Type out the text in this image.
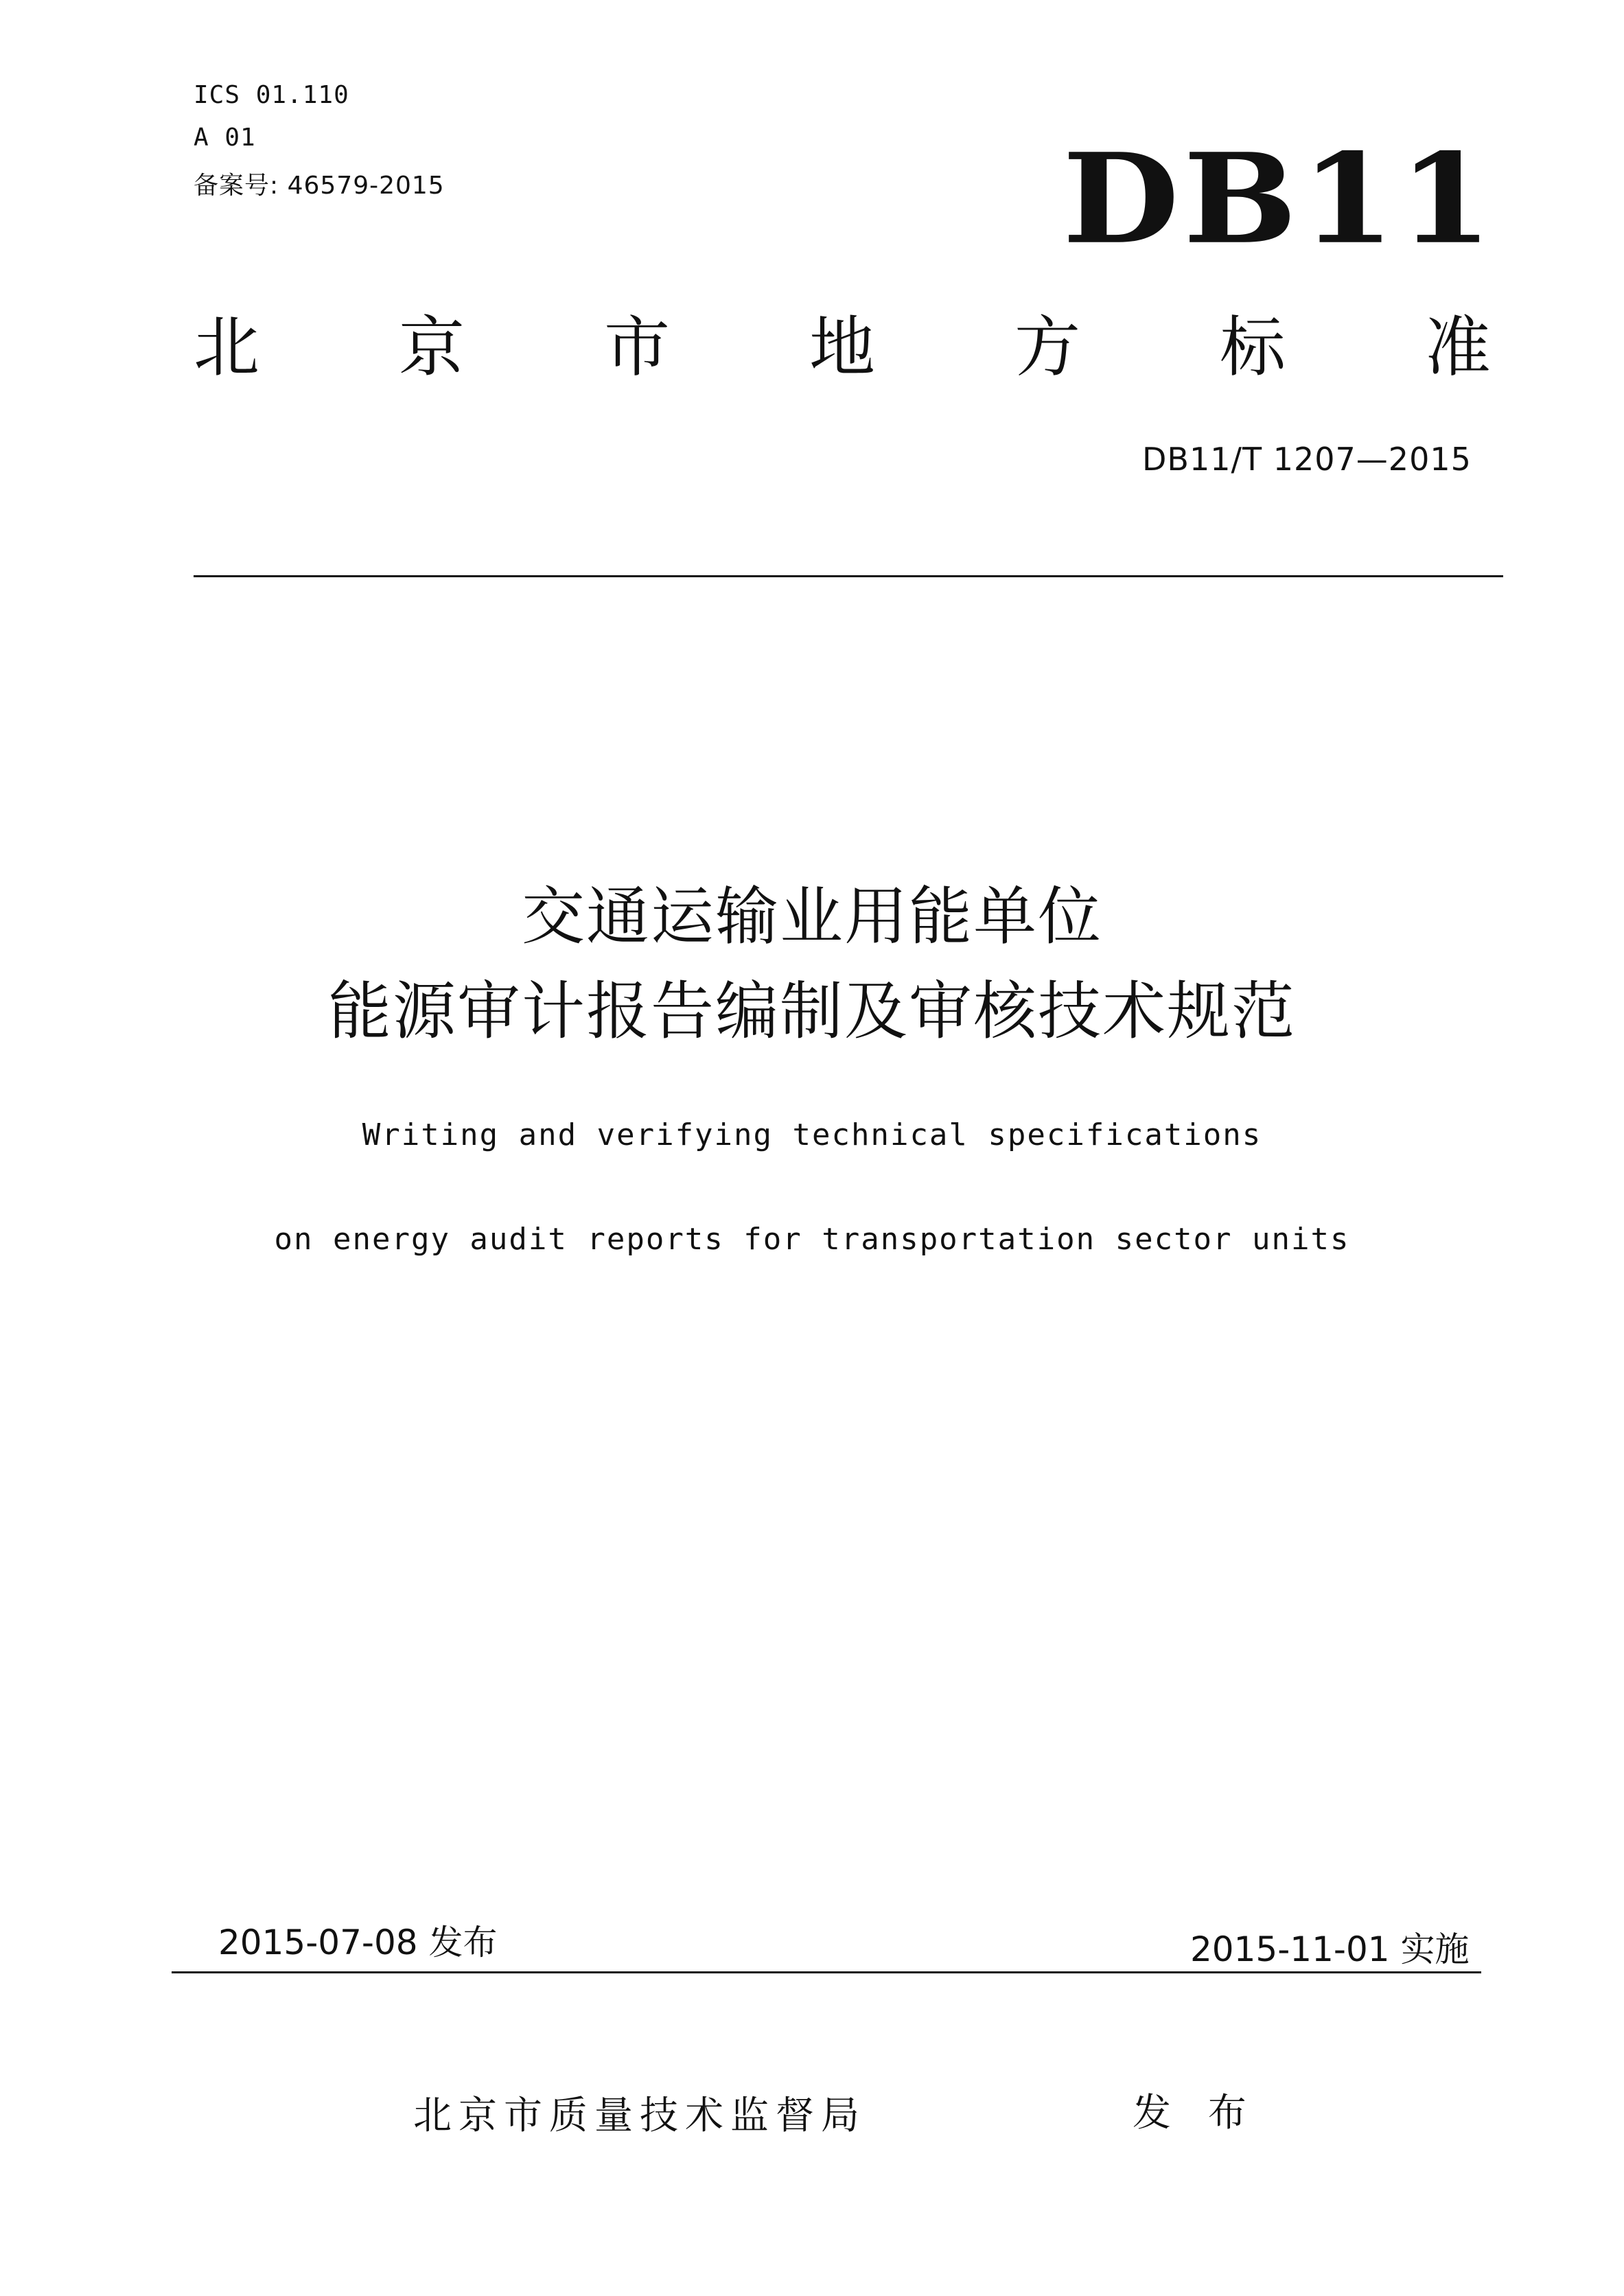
ICS 01.110
A 01
备案号: 46579-2015	DB11
北 京 市 地 方 标 准
DB11/T 1207—2015
交通运输业用能单位
能源审计报告编制及审核技术规范
Writing and verifying technical specifications
on energy audit reports for transportation sector units
2015-07-08 发布	2015-11-01 实施
北京市质量技术监督局	发 布
